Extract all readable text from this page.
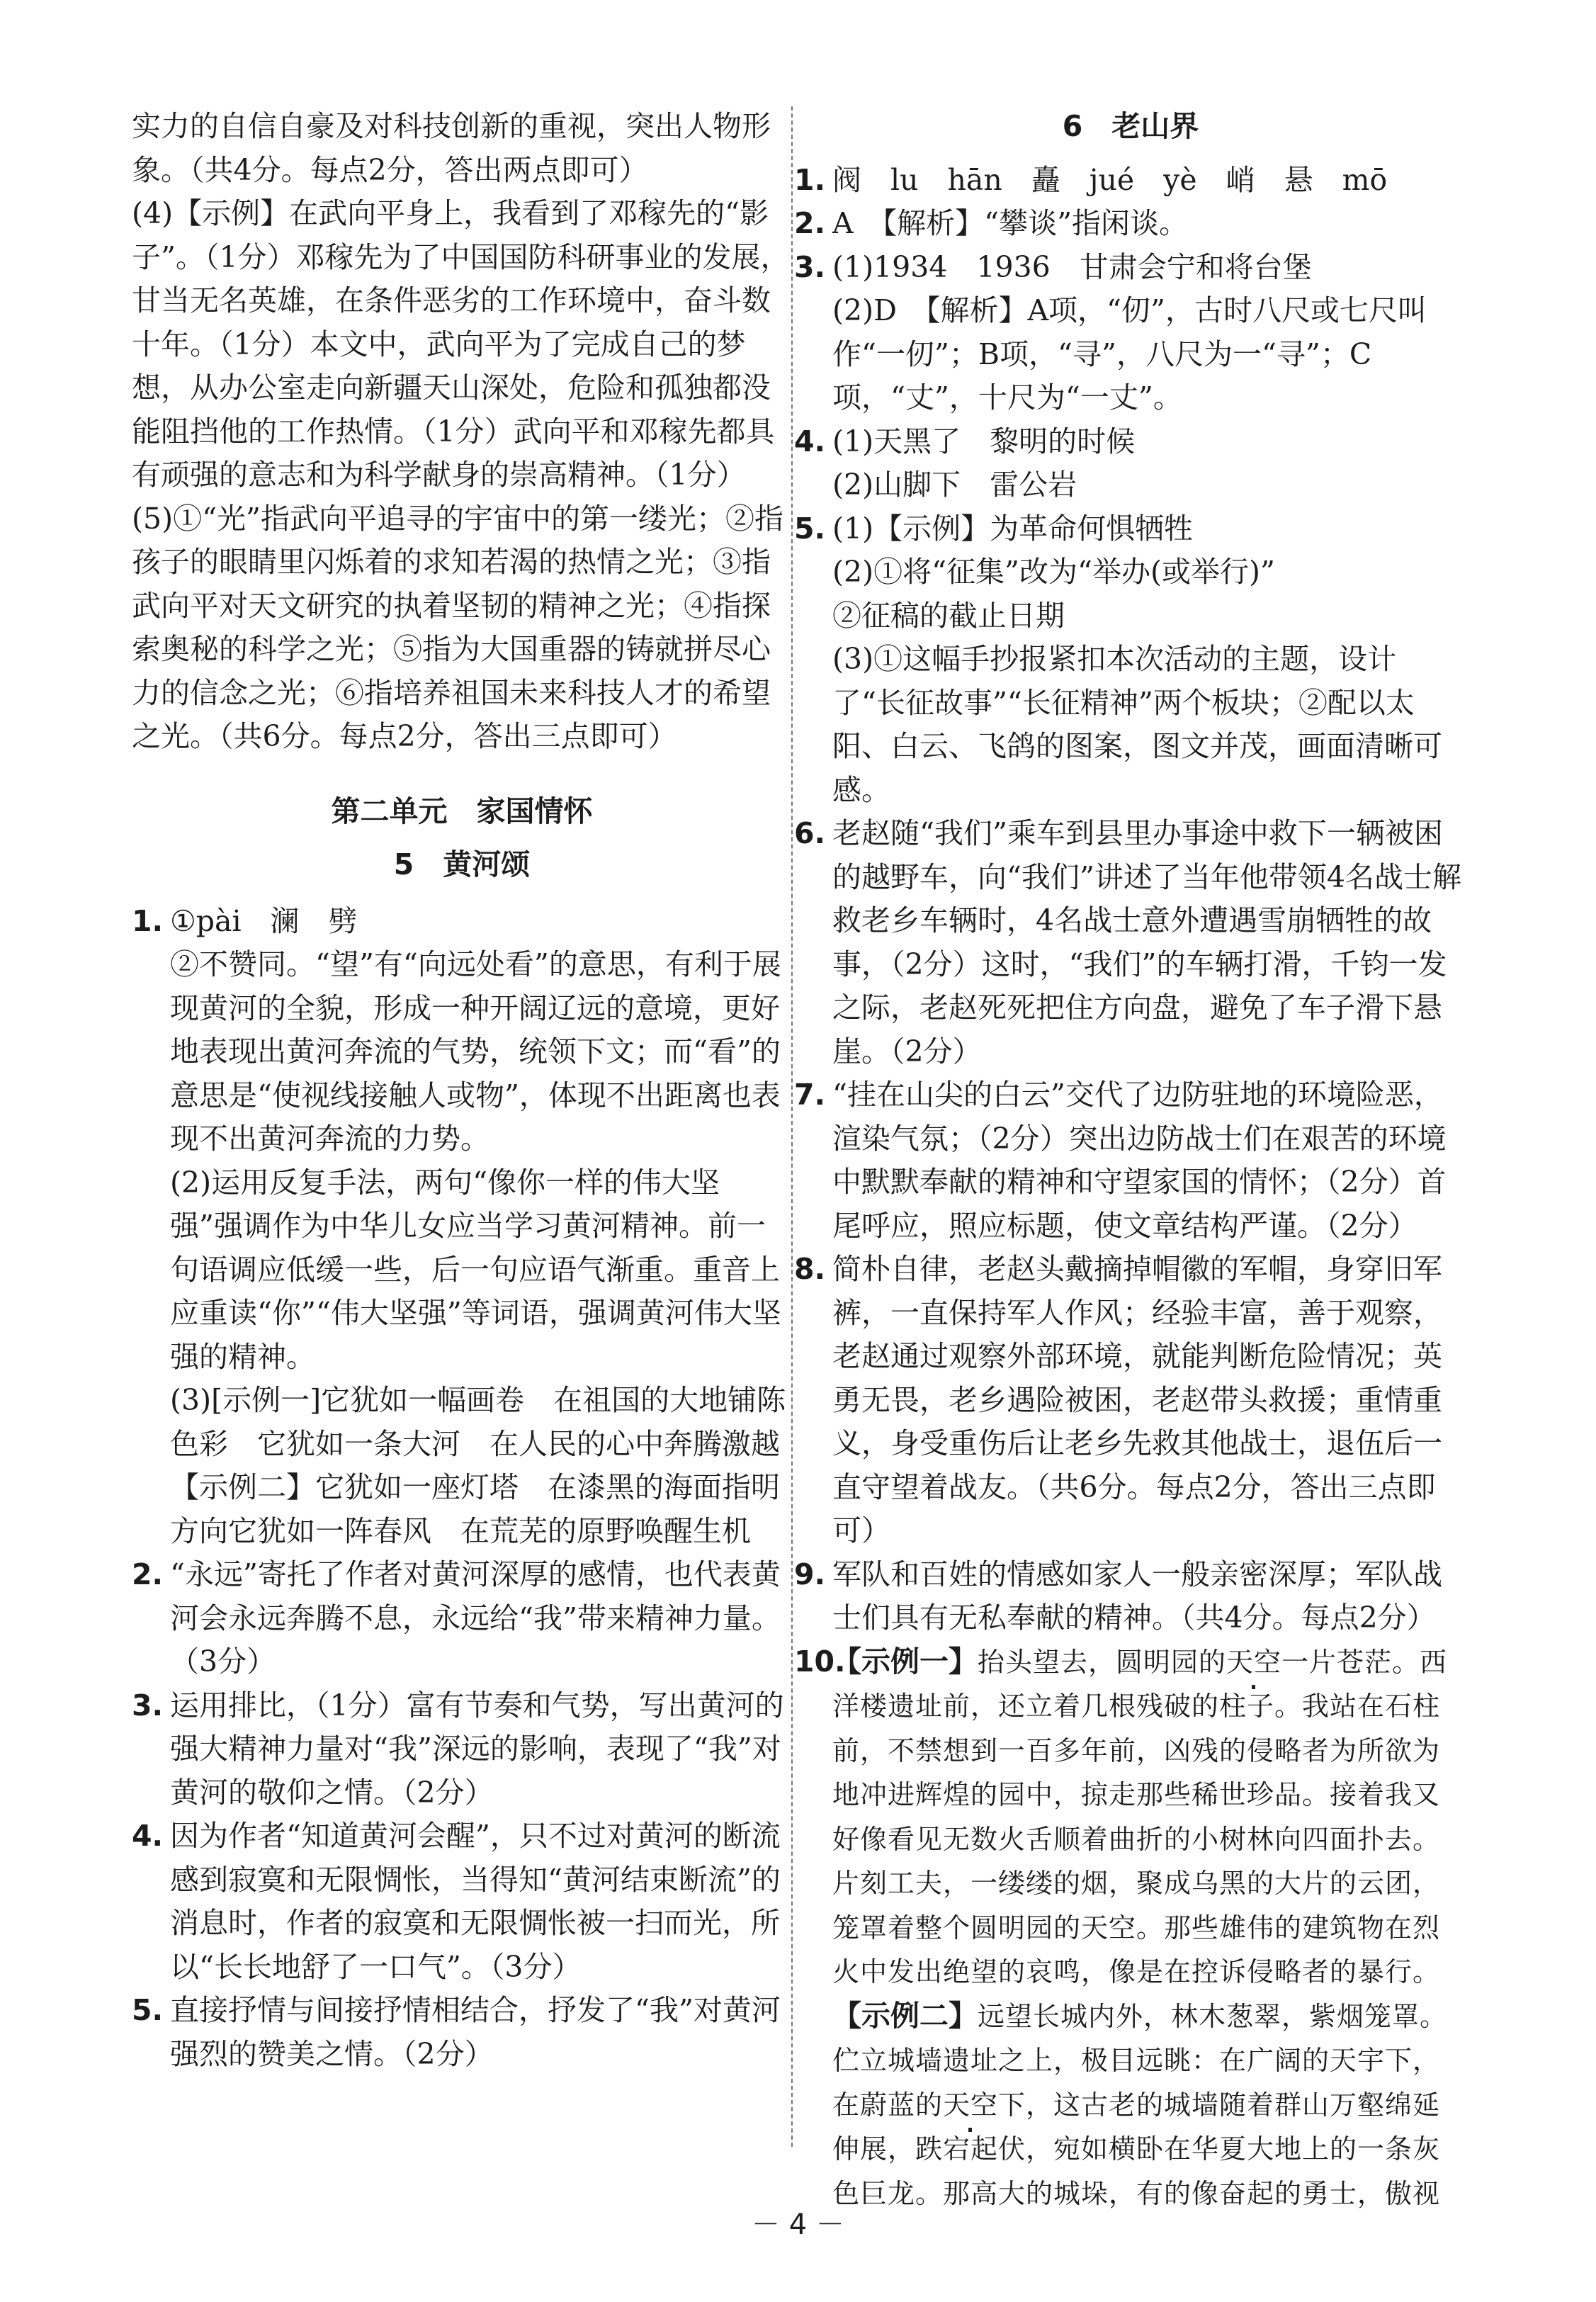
实力的自信自豪及对科技创新的重视，突出人物形象。（共4分。每点2分，答出两点即可）
(4)【示例】在武向平身上，我看到了邓稼先的“影子”。（1分）邓稼先为了中国国防科研事业的发展，甘当无名英雄，在条件恶劣的工作环境中，奋斗数十年。（1分）本文中，武向平为了完成自己的梦想，从办公室走向新疆天山深处，危险和孤独都没能阻挡他的工作热情。（1分）武向平和邓稼先都具有顽强的意志和为科学献身的崇高精神。（1分）
(5)①“光”指武向平追寻的宇宙中的第一缕光；②指孩子的眼睛里闪烁着的求知若渴的热情之光；③指武向平对天文研究的执着坚韧的精神之光；④指探索奥秘的科学之光；⑤指为大国重器的铸就拼尽心力的信念之光；⑥指培养祖国未来科技人才的希望之光。（共6分。每点2分，答出三点即可）
第二单元　家国情怀
5　黄河颂
1. ①pài　澜　劈
②不赞同。“望”有“向远处看”的意思，有利于展现黄河的全貌，形成一种开阔辽远的意境，更好地表现出黄河奔流的气势，统领下文；而“看”的意思是“使视线接触人或物”，体现不出距离也表现不出黄河奔流的力势。
(2)运用反复手法，两句“像你一样的伟大坚强”强调作为中华儿女应当学习黄河精神。前一句语调应低缓一些，后一句应语气渐重。重音上应重读“你”“伟大坚强”等词语，强调黄河伟大坚强的精神。
(3)[示例一]它犹如一幅画卷　在祖国的大地铺陈色彩　它犹如一条大河　在人民的心中奔腾激越
【示例二】它犹如一座灯塔　在漆黑的海面指明方向它犹如一阵春风　在荒芜的原野唤醒生机
2. “永远”寄托了作者对黄河深厚的感情，也代表黄河会永远奔腾不息，永远给“我”带来精神力量。（3分）
3. 运用排比，（1分）富有节奏和气势，写出黄河的强大精神力量对“我”深远的影响，表现了“我”对黄河的敬仰之情。（2分）
4. 因为作者“知道黄河会醒”，只不过对黄河的断流感到寂寞和无限惆怅，当得知“黄河结束断流”的消息时，作者的寂寞和无限惆怅被一扫而光，所以“长长地舒了一口气”。（3分）
5. 直接抒情与间接抒情相结合，抒发了“我”对黄河强烈的赞美之情。（2分）
6　老山界
1. 阀　lu　hān　矗　jué　yè　峭　悬　mō
2. A　【解析】“攀谈”指闲谈。
3. (1)1934　1936　甘肃会宁和将台堡
(2)D　【解析】A项，“仞”，古时八尺或七尺叫作“一仞”；B项，“寻”，八尺为一“寻”；C项，“丈”，十尺为“一丈”。
4. (1)天黑了　黎明的时候
(2)山脚下　雷公岩
5. (1)【示例】为革命何惧牺牲
(2)①将“征集”改为“举办(或举行)”
②征稿的截止日期
(3)①这幅手抄报紧扣本次活动的主题，设计了“长征故事”“长征精神”两个板块；②配以太阳、白云、飞鸽的图案，图文并茂，画面清晰可感。
6. 老赵随“我们”乘车到县里办事途中救下一辆被困的越野车，向“我们”讲述了当年他带领4名战士解救老乡车辆时，4名战士意外遭遇雪崩牺牲的故事，（2分）这时，“我们”的车辆打滑，千钧一发之际，老赵死死把住方向盘，避免了车子滑下悬崖。（2分）
7. “挂在山尖的白云”交代了边防驻地的环境险恶，渲染气氛；（2分）突出边防战士们在艰苦的环境中默默奉献的精神和守望家国的情怀；（2分）首尾呼应，照应标题，使文章结构严谨。（2分）
8. 简朴自律，老赵头戴摘掉帽徽的军帽，身穿旧军裤，一直保持军人作风；经验丰富，善于观察，老赵通过观察外部环境，就能判断危险情况；英勇无畏，老乡遇险被困，老赵带头救援；重情重义，身受重伤后让老乡先救其他战士，退伍后一直守望着战友。（共6分。每点2分，答出三点即可）
9. 军队和百姓的情感如家人一般亲密深厚；军队战士们具有无私奉献的精神。（共4分。每点2分）
10.
【示例一】抬头望去，圆明园的天空一片苍茫。西洋楼遗址前，还立着几根残破的柱子。我站在石柱前，不禁想到一百多年前，凶残的侵略者为所欲为地冲进辉煌的园中，掠走那些稀世珍品。接着我又好像看见无数火舌顺着曲折的小树林向四面扑去。片刻工夫，一缕缕的烟，聚成乌黑的大片的云团，笼罩着整个圆明园的天空。那些雄伟的建筑物在烈火中发出绝望的哀鸣，像是在控诉侵略者的暴行。
【示例二】远望长城内外，林木葱翠，紫烟笼罩。伫立城墙遗址之上，极目远眺：在广阔的天宇下，在蔚蓝的天空下，这古老的城墙随着群山万壑绵延伸展，跌宕起伏，宛如横卧在华夏大地上的一条灰色巨龙。那高大的城垛，有的像奋起的勇士，傲视
－ 4 －
